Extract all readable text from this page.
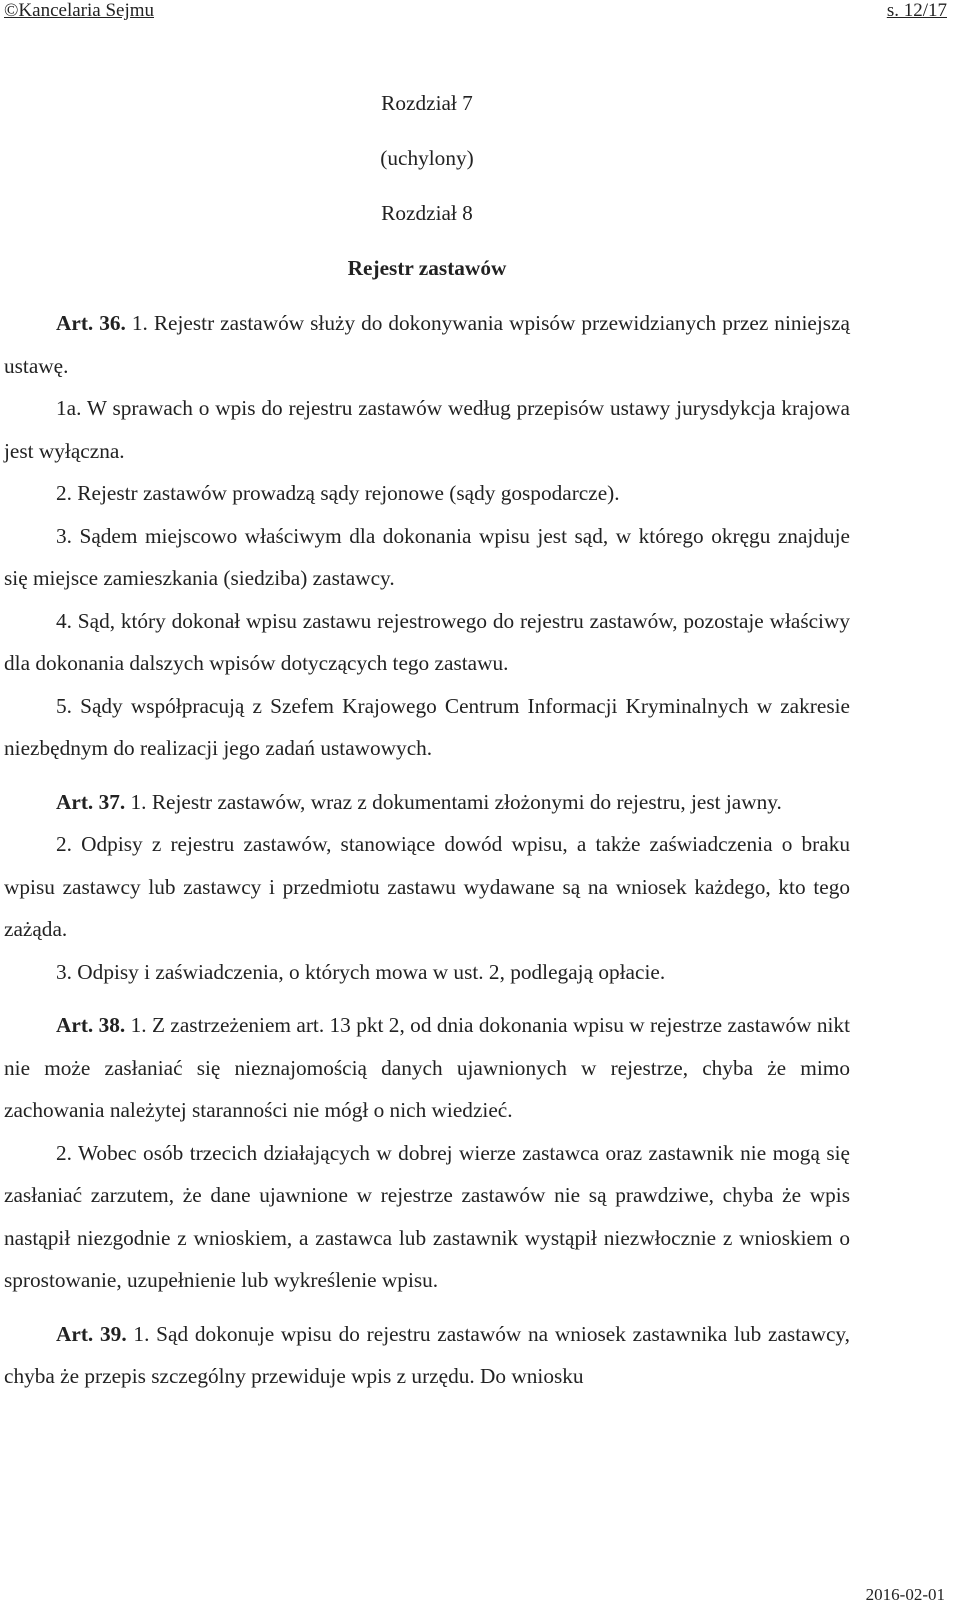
©Kancelaria Sejmu	s. 12/17

Rozdział 7

(uchylony)

Rozdział 8

Rejestr zastawów

Art. 36. 1. Rejestr zastawów służy do dokonywania wpisów przewidzianych przez niniejszą ustawę.

1a. W sprawach o wpis do rejestru zastawów według przepisów ustawy jurysdykcja krajowa jest wyłączna.

2. Rejestr zastawów prowadzą sądy rejonowe (sądy gospodarcze).

3. Sądem miejscowo właściwym dla dokonania wpisu jest sąd, w którego okręgu znajduje się miejsce zamieszkania (siedziba) zastawcy.

4. Sąd, który dokonał wpisu zastawu rejestrowego do rejestru zastawów, pozostaje właściwy dla dokonania dalszych wpisów dotyczących tego zastawu.

5. Sądy współpracują z Szefem Krajowego Centrum Informacji Kryminalnych w zakresie niezbędnym do realizacji jego zadań ustawowych.

Art. 37. 1. Rejestr zastawów, wraz z dokumentami złożonymi do rejestru, jest jawny.

2. Odpisy z rejestru zastawów, stanowiące dowód wpisu, a także zaświadczenia o braku wpisu zastawcy lub zastawcy i przedmiotu zastawu wydawane są na wniosek każdego, kto tego zażąda.

3. Odpisy i zaświadczenia, o których mowa w ust. 2, podlegają opłacie.

Art. 38. 1. Z zastrzeżeniem art. 13 pkt 2, od dnia dokonania wpisu w rejestrze zastawów nikt nie może zasłaniać się nieznajomością danych ujawnionych w rejestrze, chyba że mimo zachowania należytej staranności nie mógł o nich wiedzieć.

2. Wobec osób trzecich działających w dobrej wierze zastawca oraz zastawnik nie mogą się zasłaniać zarzutem, że dane ujawnione w rejestrze zastawów nie są prawdziwe, chyba że wpis nastąpił niezgodnie z wnioskiem, a zastawca lub zastawnik wystąpił niezwłocznie z wnioskiem o sprostowanie, uzupełnienie lub wykreślenie wpisu.

Art. 39. 1. Sąd dokonuje wpisu do rejestru zastawów na wniosek zastawnika lub zastawcy, chyba że przepis szczególny przewiduje wpis z urzędu. Do wniosku

2016-02-01
